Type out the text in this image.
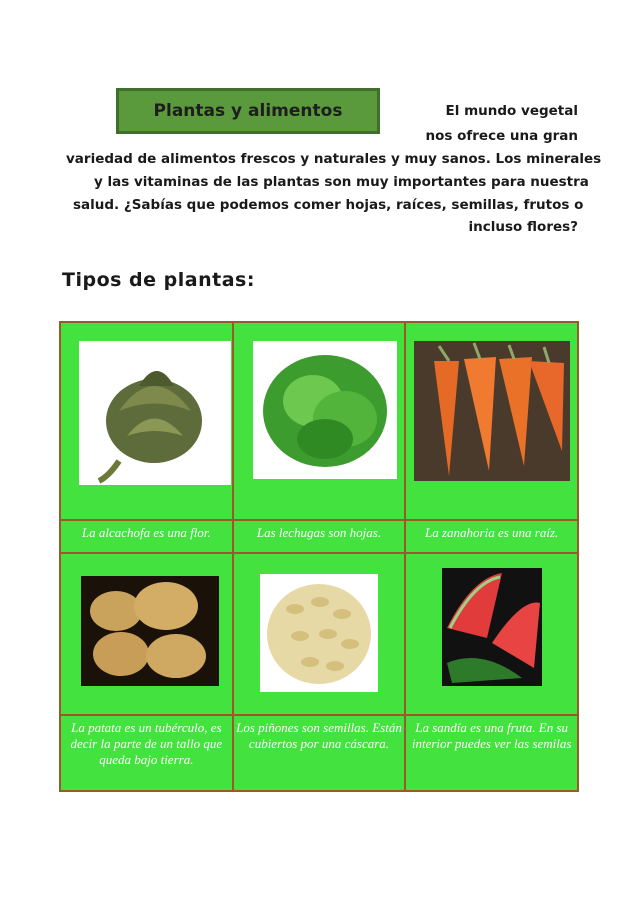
Plantas y alimentos	El mundo vegetal
nos ofrece una gran
variedad de alimentos frescos y naturales y muy sanos. Los minerales
y las vitaminas de las plantas son muy importantes para nuestra
salud. ¿Sabías que podemos comer hojas, raíces, semillas, frutos o
incluso flores?
Tipos de plantas:

La alcachofa es una flor.	Las lechugas son hojas.	La zanahoria es una raíz.

La patata es un tubérculo, es decir la parte de un tallo que queda bajo tierra.	Los piñones son semillas. Están cubiertos por una cáscara.	La sandía es una fruta. En su interior puedes ver las semilas
